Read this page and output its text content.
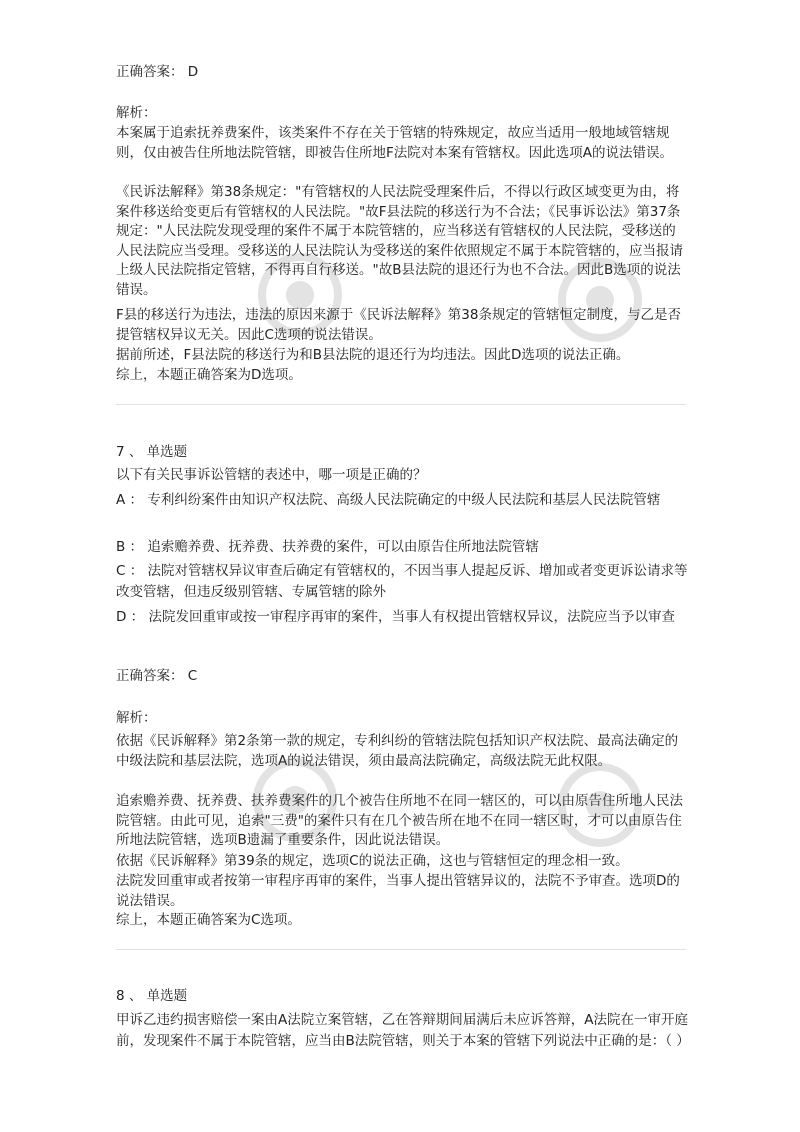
正确答案： D
解析：

本案属于追索抚养费案件，该类案件不存在关于管辖的特殊规定，故应当适用一般地域管辖规则，仅由被告住所地法院管辖，即被告住所地F法院对本案有管辖权。因此选项A的说法错误。

《民诉法解释》第38条规定："有管辖权的人民法院受理案件后，不得以行政区域变更为由，将案件移送给变更后有管辖权的人民法院。"故F县法院的移送行为不合法；《民事诉讼法》第37条规定："人民法院发现受理的案件不属于本院管辖的，应当移送有管辖权的人民法院，受移送的人民法院应当受理。受移送的人民法院认为受移送的案件依照规定不属于本院管辖的，应当报请上级人民法院指定管辖，不得再自行移送。"故B县法院的退还行为也不合法。因此B选项的说法错误。

F县的移送行为违法，违法的原因来源于《民诉法解释》第38条规定的管辖恒定制度，与乙是否提管辖权异议无关。因此C选项的说法错误。

据前所述，F县法院的移送行为和B县法院的退还行为均违法。因此D选项的说法正确。

综上，本题正确答案为D选项。

7 、 单选题
以下有关民事诉讼管辖的表述中，哪一项是正确的？

A ： 专利纠纷案件由知识产权法院、高级人民法院确定的中级人民法院和基层人民法院管辖

B ： 追索赡养费、抚养费、扶养费的案件，可以由原告住所地法院管辖

C ： 法院对管辖权异议审查后确定有管辖权的，不因当事人提起反诉、增加或者变更诉讼请求等改变管辖，但违反级别管辖、专属管辖的除外

D ： 法院发回重审或按一审程序再审的案件，当事人有权提出管辖权异议，法院应当予以审查

正确答案： C
解析：

依据《民诉解释》第2条第一款的规定，专利纠纷的管辖法院包括知识产权法院、最高法确定的中级法院和基层法院，选项A的说法错误，须由最高法院确定，高级法院无此权限。

追索赡养费、抚养费、扶养费案件的几个被告住所地不在同一辖区的，可以由原告住所地人民法院管辖。由此可见，追索"三费"的案件只有在几个被告所在地不在同一辖区时，才可以由原告住所地法院管辖，选项B遗漏了重要条件，因此说法错误。

依据《民诉解释》第39条的规定，选项C的说法正确，这也与管辖恒定的理念相一致。

法院发回重审或者按第一审程序再审的案件，当事人提出管辖异议的，法院不予审查。选项D的说法错误。

综上，本题正确答案为C选项。

8 、 单选题

甲诉乙违约损害赔偿一案由A法院立案管辖，乙在答辩期间届满后未应诉答辩，A法院在一审开庭前，发现案件不属于本院管辖，应当由B法院管辖，则关于本案的管辖下列说法中正确的是：（ ）
